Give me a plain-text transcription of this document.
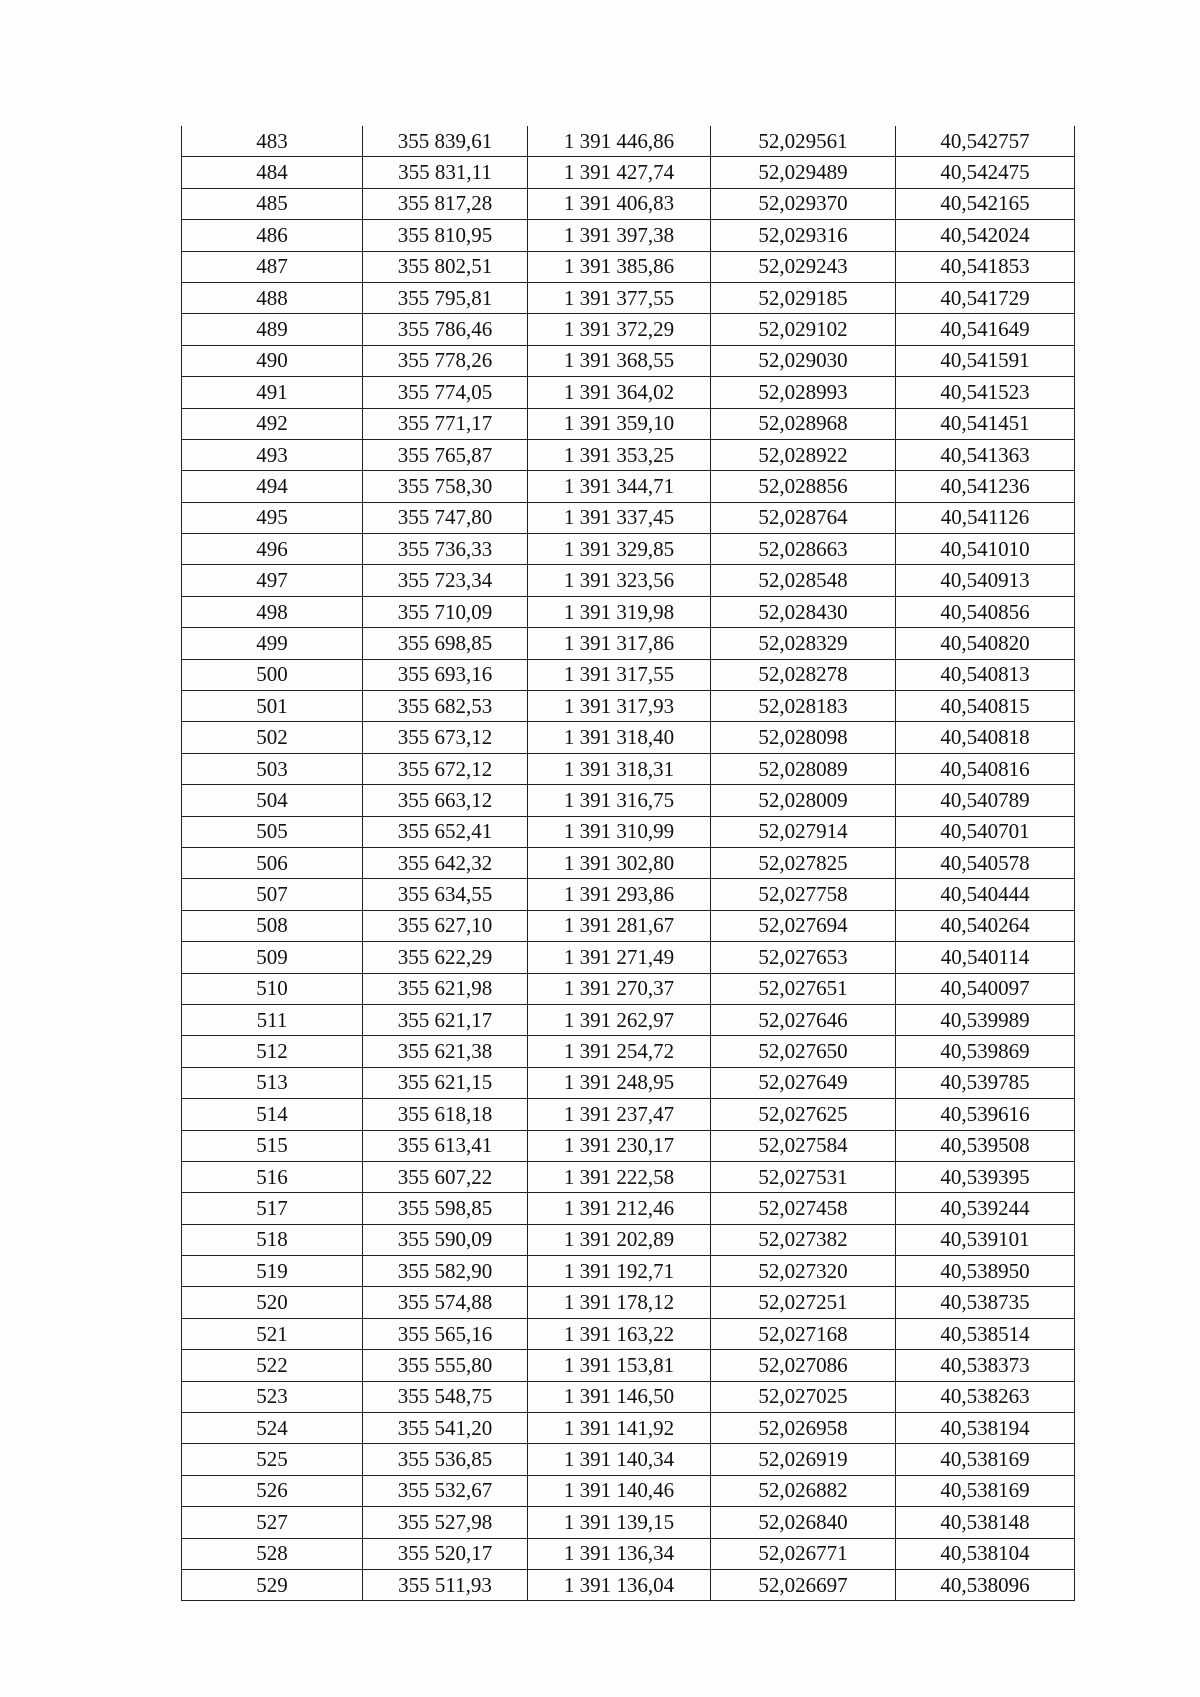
483	355 839,61	1 391 446,86	52,029561	40,542757
484	355 831,11	1 391 427,74	52,029489	40,542475
485	355 817,28	1 391 406,83	52,029370	40,542165
486	355 810,95	1 391 397,38	52,029316	40,542024
487	355 802,51	1 391 385,86	52,029243	40,541853
488	355 795,81	1 391 377,55	52,029185	40,541729
489	355 786,46	1 391 372,29	52,029102	40,541649
490	355 778,26	1 391 368,55	52,029030	40,541591
491	355 774,05	1 391 364,02	52,028993	40,541523
492	355 771,17	1 391 359,10	52,028968	40,541451
493	355 765,87	1 391 353,25	52,028922	40,541363
494	355 758,30	1 391 344,71	52,028856	40,541236
495	355 747,80	1 391 337,45	52,028764	40,541126
496	355 736,33	1 391 329,85	52,028663	40,541010
497	355 723,34	1 391 323,56	52,028548	40,540913
498	355 710,09	1 391 319,98	52,028430	40,540856
499	355 698,85	1 391 317,86	52,028329	40,540820
500	355 693,16	1 391 317,55	52,028278	40,540813
501	355 682,53	1 391 317,93	52,028183	40,540815
502	355 673,12	1 391 318,40	52,028098	40,540818
503	355 672,12	1 391 318,31	52,028089	40,540816
504	355 663,12	1 391 316,75	52,028009	40,540789
505	355 652,41	1 391 310,99	52,027914	40,540701
506	355 642,32	1 391 302,80	52,027825	40,540578
507	355 634,55	1 391 293,86	52,027758	40,540444
508	355 627,10	1 391 281,67	52,027694	40,540264
509	355 622,29	1 391 271,49	52,027653	40,540114
510	355 621,98	1 391 270,37	52,027651	40,540097
511	355 621,17	1 391 262,97	52,027646	40,539989
512	355 621,38	1 391 254,72	52,027650	40,539869
513	355 621,15	1 391 248,95	52,027649	40,539785
514	355 618,18	1 391 237,47	52,027625	40,539616
515	355 613,41	1 391 230,17	52,027584	40,539508
516	355 607,22	1 391 222,58	52,027531	40,539395
517	355 598,85	1 391 212,46	52,027458	40,539244
518	355 590,09	1 391 202,89	52,027382	40,539101
519	355 582,90	1 391 192,71	52,027320	40,538950
520	355 574,88	1 391 178,12	52,027251	40,538735
521	355 565,16	1 391 163,22	52,027168	40,538514
522	355 555,80	1 391 153,81	52,027086	40,538373
523	355 548,75	1 391 146,50	52,027025	40,538263
524	355 541,20	1 391 141,92	52,026958	40,538194
525	355 536,85	1 391 140,34	52,026919	40,538169
526	355 532,67	1 391 140,46	52,026882	40,538169
527	355 527,98	1 391 139,15	52,026840	40,538148
528	355 520,17	1 391 136,34	52,026771	40,538104
529	355 511,93	1 391 136,04	52,026697	40,538096
